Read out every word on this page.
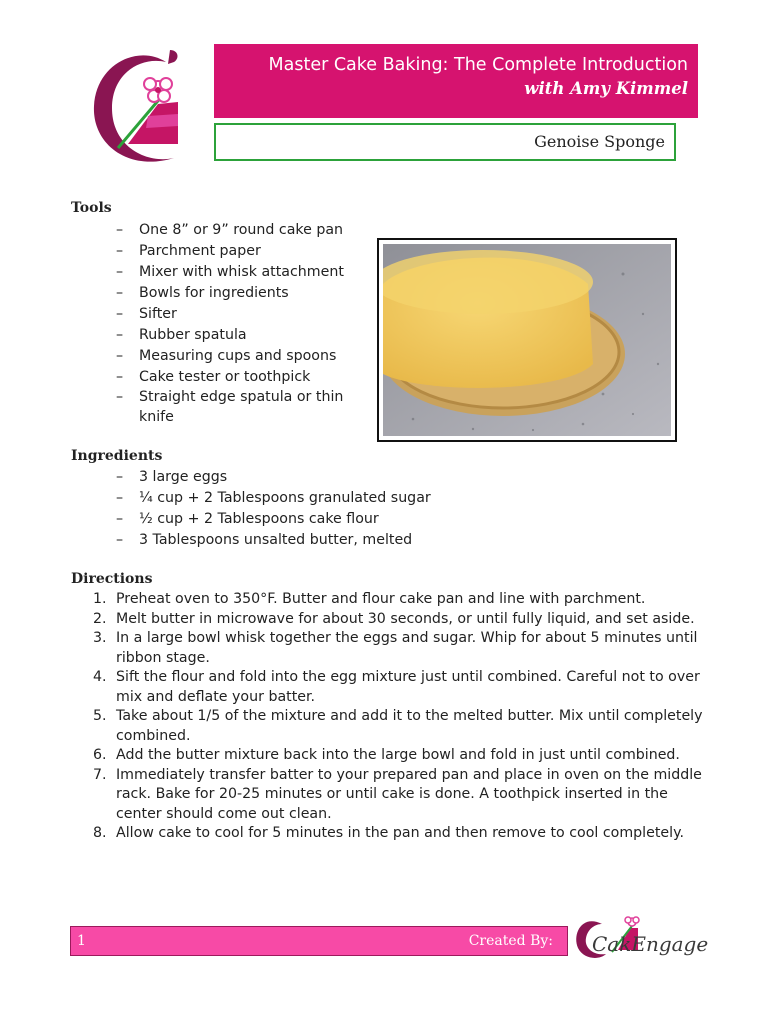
Master Cake Baking: The Complete Introduction
with Amy Kimmel
Genoise Sponge
Tools
– One 8” or 9” round cake pan
– Parchment paper
– Mixer with whisk attachment
– Bowls for ingredients
– Sifter
– Rubber spatula
– Measuring cups and spoons
– Cake tester or toothpick
– Straight edge spatula or thin knife
Ingredients
– 3 large eggs
– ¼ cup + 2 Tablespoons granulated sugar
– ½ cup + 2 Tablespoons cake flour
– 3 Tablespoons unsalted butter, melted
Directions
1. Preheat oven to 350°F. Butter and flour cake pan and line with parchment.
2. Melt butter in microwave for about 30 seconds, or until fully liquid, and set aside.
3. In a large bowl whisk together the eggs and sugar. Whip for about 5 minutes until ribbon stage.
4. Sift the flour and fold into the egg mixture just until combined. Careful not to over mix and deflate your batter.
5. Take about 1/5 of the mixture and add it to the melted butter. Mix until completely combined.
6. Add the butter mixture back into the large bowl and fold in just until combined.
7. Immediately transfer batter to your prepared pan and place in oven on the middle rack. Bake for 20-25 minutes or until cake is done. A toothpick inserted in the center should come out clean.
8. Allow cake to cool for 5 minutes in the pan and then remove to cool completely.
1	Created By: CakEngage
